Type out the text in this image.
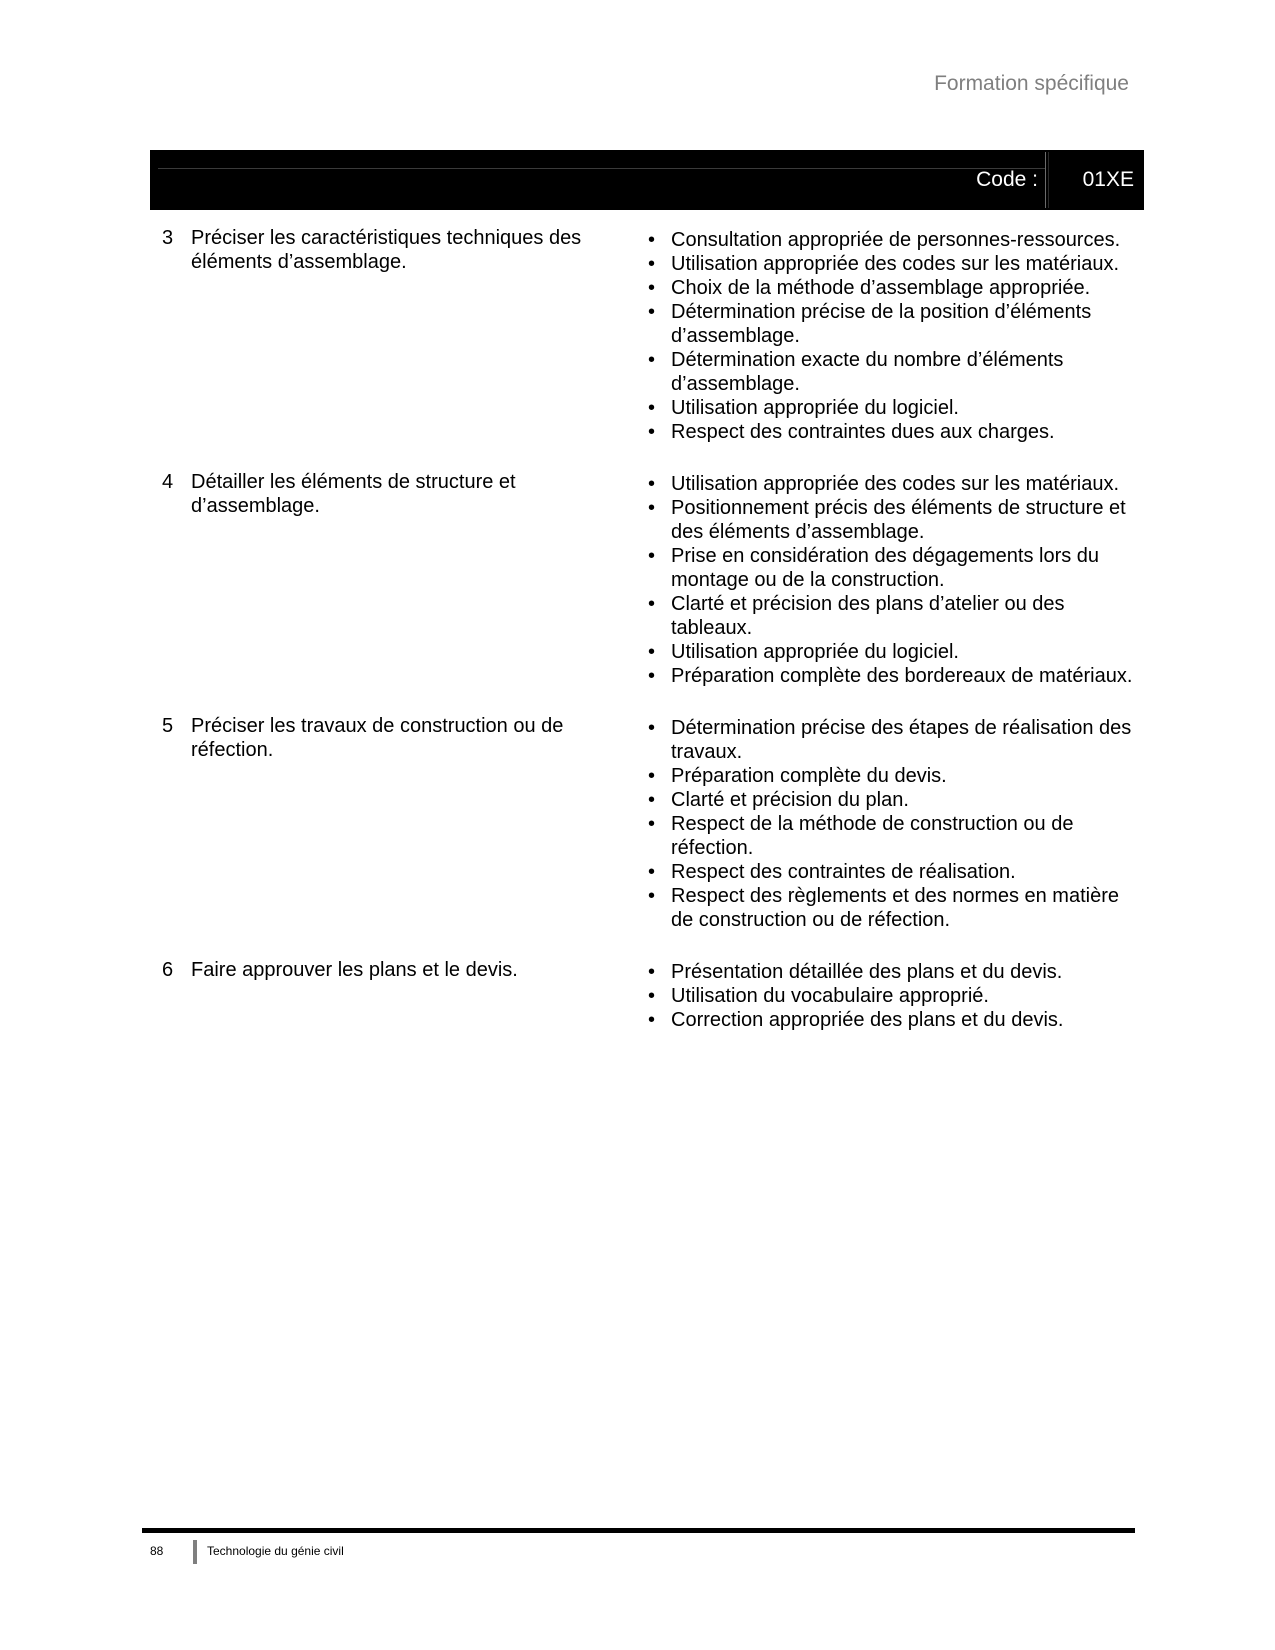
Formation spécifique
Code : 01XE
3 Préciser les caractéristiques techniques des éléments d’assemblage.
• Consultation appropriée de personnes-ressources.
• Utilisation appropriée des codes sur les matériaux.
• Choix de la méthode d’assemblage appropriée.
• Détermination précise de la position d’éléments d’assemblage.
• Détermination exacte du nombre d’éléments d’assemblage.
• Utilisation appropriée du logiciel.
• Respect des contraintes dues aux charges.
4 Détailler les éléments de structure et d’assemblage.
• Utilisation appropriée des codes sur les matériaux.
• Positionnement précis des éléments de structure et des éléments d’assemblage.
• Prise en considération des dégagements lors du montage ou de la construction.
• Clarté et précision des plans d’atelier ou des tableaux.
• Utilisation appropriée du logiciel.
• Préparation complète des bordereaux de matériaux.
5 Préciser les travaux de construction ou de réfection.
• Détermination précise des étapes de réalisation des travaux.
• Préparation complète du devis.
• Clarté et précision du plan.
• Respect de la méthode de construction ou de réfection.
• Respect des contraintes de réalisation.
• Respect des règlements et des normes en matière de construction ou de réfection.
6 Faire approuver les plans et le devis.
•	Présentation détaillée des plans et du devis.
• Utilisation du vocabulaire approprié.
• Correction appropriée des plans et du devis.
88	Technologie du génie civil
